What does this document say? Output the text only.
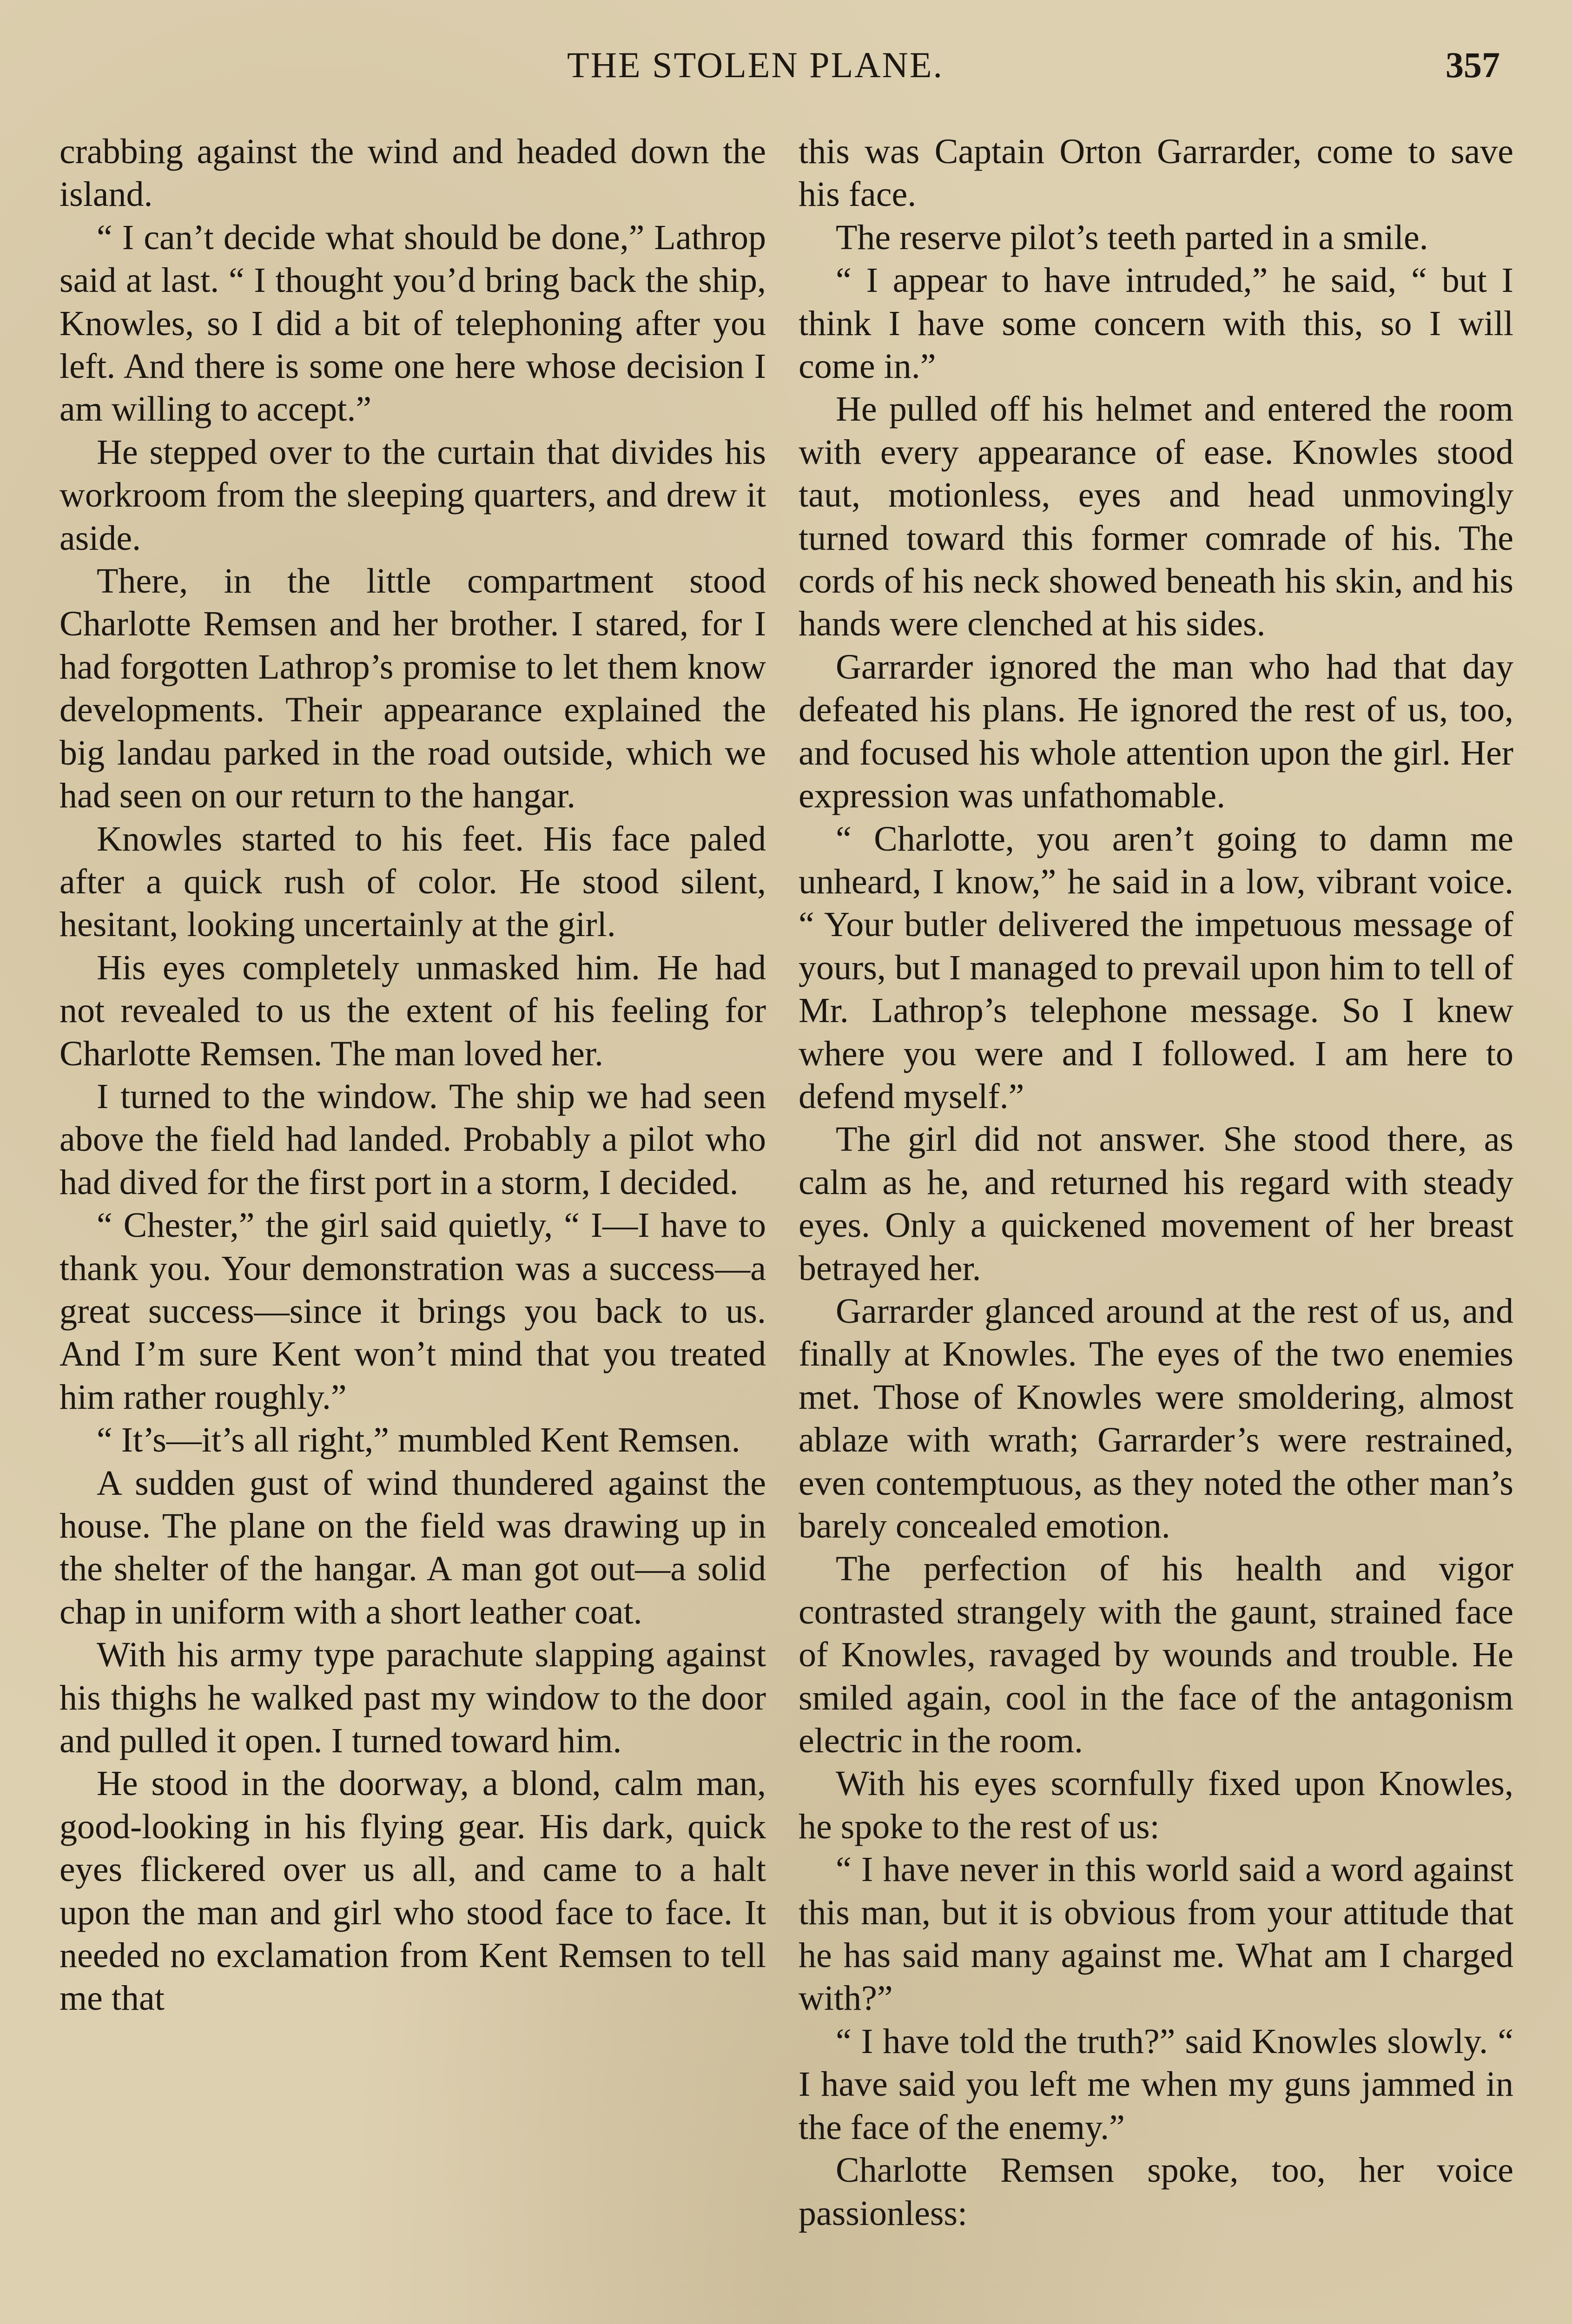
THE STOLEN PLANE.	357

crabbing against the wind and headed down the island.

“ I can’t decide what should be done,” Lathrop said at last. “ I thought you’d bring back the ship, Knowles, so I did a bit of telephoning after you left. And there is some one here whose decision I am willing to accept.”

He stepped over to the curtain that divides his workroom from the sleeping quarters, and drew it aside.

There, in the little compartment stood Charlotte Remsen and her brother. I stared, for I had forgotten Lathrop’s promise to let them know developments. Their appearance explained the big landau parked in the road outside, which we had seen on our return to the hangar.

Knowles started to his feet. His face paled after a quick rush of color. He stood silent, hesitant, looking uncertainly at the girl.

His eyes completely unmasked him. He had not revealed to us the extent of his feeling for Charlotte Remsen. The man loved her.

I turned to the window. The ship we had seen above the field had landed. Probably a pilot who had dived for the first port in a storm, I decided.

“ Chester,” the girl said quietly, “ I—I have to thank you. Your demonstration was a success—a great success—since it brings you back to us. And I’m sure Kent won’t mind that you treated him rather roughly.”

“ It’s—it’s all right,” mumbled Kent Remsen.

A sudden gust of wind thundered against the house. The plane on the field was drawing up in the shelter of the hangar. A man got out—a solid chap in uniform with a short leather coat.

With his army type parachute slapping against his thighs he walked past my window to the door and pulled it open. I turned toward him.

He stood in the doorway, a blond, calm man, good-looking in his flying gear. His dark, quick eyes flickered over us all, and came to a halt upon the man and girl who stood face to face. It needed no exclamation from Kent Remsen to tell me that

this was Captain Orton Garrarder, come to save his face.

The reserve pilot’s teeth parted in a smile.

“ I appear to have intruded,” he said, “ but I think I have some concern with this, so I will come in.”

He pulled off his helmet and entered the room with every appearance of ease. Knowles stood taut, motionless, eyes and head unmovingly turned toward this former comrade of his. The cords of his neck showed beneath his skin, and his hands were clenched at his sides.

Garrarder ignored the man who had that day defeated his plans. He ignored the rest of us, too, and focused his whole attention upon the girl. Her expression was unfathomable.

“ Charlotte, you aren’t going to damn me unheard, I know,” he said in a low, vibrant voice. “ Your butler delivered the impetuous message of yours, but I managed to prevail upon him to tell of Mr. Lathrop’s telephone message. So I knew where you were and I followed. I am here to defend myself.”

The girl did not answer. She stood there, as calm as he, and returned his regard with steady eyes. Only a quickened movement of her breast betrayed her.

Garrarder glanced around at the rest of us, and finally at Knowles. The eyes of the two enemies met. Those of Knowles were smoldering, almost ablaze with wrath; Garrarder’s were restrained, even contemptuous, as they noted the other man’s barely concealed emotion.

The perfection of his health and vigor contrasted strangely with the gaunt, strained face of Knowles, ravaged by wounds and trouble. He smiled again, cool in the face of the antagonism electric in the room.

With his eyes scornfully fixed upon Knowles, he spoke to the rest of us:

“ I have never in this world said a word against this man, but it is obvious from your attitude that he has said many against me. What am I charged with?”

“ I have told the truth?” said Knowles slowly. “ I have said you left me when my guns jammed in the face of the enemy.”

Charlotte Remsen spoke, too, her voice passionless:
